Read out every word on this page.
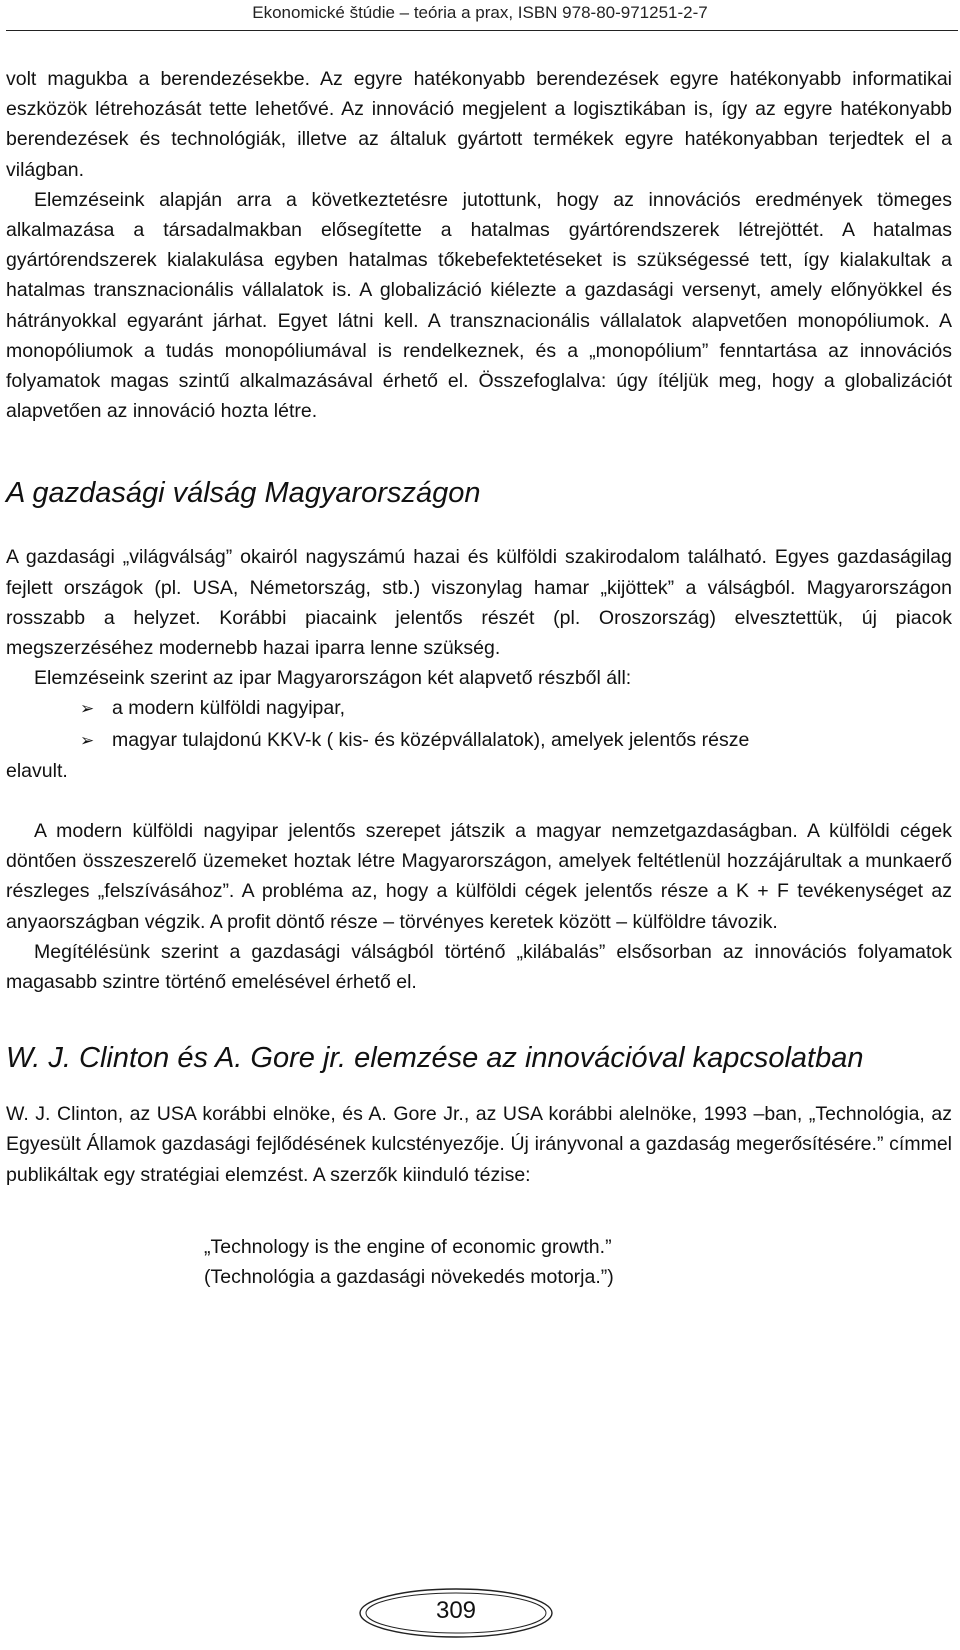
Ekonomické štúdie – teória a prax, ISBN 978-80-971251-2-7

volt magukba a berendezésekbe. Az egyre hatékonyabb berendezések egyre hatékonyabb informatikai eszközök létrehozását tette lehetővé. Az innováció megjelent a logisztikában is, így az egyre hatékonyabb berendezések és technológiák, illetve az általuk gyártott termékek egyre hatékonyabban terjedtek el a világban.

Elemzéseink alapján arra a következtetésre jutottunk, hogy az innovációs eredmények tömeges alkalmazása a társadalmakban elősegítette a hatalmas gyártórendszerek létrejöttét. A hatalmas gyártórendszerek kialakulása egyben hatalmas tőkebefektetéseket is szükségessé tett, így kialakultak a hatalmas transznacionális vállalatok is. A globalizáció kiélezte a gazdasági versenyt, amely előnyökkel és hátrányokkal egyaránt járhat. Egyet látni kell. A transznacionális vállalatok alapvetően monopóliumok. A monopóliumok a tudás monopóliumával is rendelkeznek, és a „monopólium” fenntartása az innovációs folyamatok magas szintű alkalmazásával érhető el. Összefoglalva: úgy ítéljük meg, hogy a globalizációt alapvetően az innováció hozta létre.

A gazdasági válság Magyarországon

A gazdasági „világválság” okairól nagyszámú hazai és külföldi szakirodalom található. Egyes gazdaságilag fejlett országok (pl. USA, Németország, stb.) viszonylag hamar „kijöttek” a válságból. Magyarországon rosszabb a helyzet. Korábbi piacaink jelentős részét (pl. Oroszország) elvesztettük, új piacok megszerzéséhez modernebb hazai iparra lenne szükség.

Elemzéseink szerint az ipar Magyarországon két alapvető részből áll:

➢ a modern külföldi nagyipar,
➢ magyar tulajdonú KKV-k ( kis- és középvállalatok), amelyek jelentős része

elavult.

A modern külföldi nagyipar jelentős szerepet játszik a magyar nemzetgazdaságban. A külföldi cégek döntően összeszerelő üzemeket hoztak létre Magyarországon, amelyek feltétlenül hozzájárultak a munkaerő részleges „felszívásához”. A probléma az, hogy a külföldi cégek jelentős része a K + F tevékenységet az anyaországban végzik. A profit döntő része – törvényes keretek között – külföldre távozik.

Megítélésünk szerint a gazdasági válságból történő „kilábalás” elsősorban az innovációs folyamatok magasabb szintre történő emelésével érhető el.

W. J. Clinton és A. Gore jr. elemzése az innovációval kapcsolatban

W. J. Clinton, az USA korábbi elnöke, és A. Gore Jr., az USA korábbi alelnöke, 1993 –ban, „Technológia, az Egyesült Államok gazdasági fejlődésének kulcstényezője. Új irányvonal a gazdaság megerősítésére.” címmel publikáltak egy stratégiai elemzést. A szerzők kiinduló tézise:

„Technology is the engine of economic growth.”

(Technológia a gazdasági növekedés motorja.”)

309
